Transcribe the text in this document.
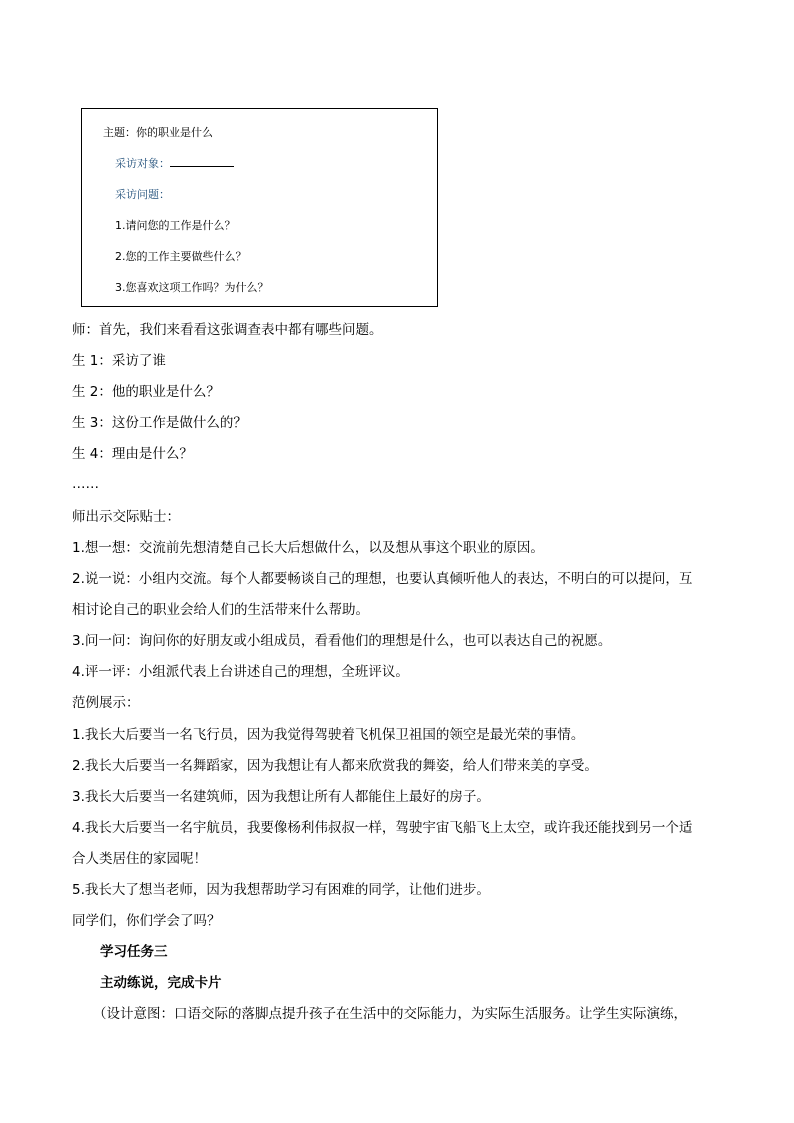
主题：你的职业是什么
采访对象：
采访问题：
1.请问您的工作是什么？
2.您的工作主要做些什么？
3.您喜欢这项工作吗？为什么？
师：首先，我们来看看这张调查表中都有哪些问题。
生 1：采访了谁
生 2：他的职业是什么？
生 3：这份工作是做什么的？
生 4：理由是什么？
……
师出示交际贴士：
1.想一想：交流前先想清楚自己长大后想做什么，以及想从事这个职业的原因。
2.说一说：小组内交流。每个人都要畅谈自己的理想，也要认真倾听他人的表达，不明白的可以提问，互
相讨论自己的职业会给人们的生活带来什么帮助。
3.问一问：询问你的好朋友或小组成员，看看他们的理想是什么，也可以表达自己的祝愿。
4.评一评：小组派代表上台讲述自己的理想，全班评议。
范例展示：
1.我长大后要当一名飞行员，因为我觉得驾驶着飞机保卫祖国的领空是最光荣的事情。
2.我长大后要当一名舞蹈家，因为我想让有人都来欣赏我的舞姿，给人们带来美的享受。
3.我长大后要当一名建筑师，因为我想让所有人都能住上最好的房子。
4.我长大后要当一名宇航员，我要像杨利伟叔叔一样，驾驶宇宙飞船飞上太空，或许我还能找到另一个适
合人类居住的家园呢！
5.我长大了想当老师，因为我想帮助学习有困难的同学，让他们进步。
同学们，你们学会了吗？
学习任务三
主动练说，完成卡片
（设计意图：口语交际的落脚点提升孩子在生活中的交际能力，为实际生活服务。让学生实际演练，
